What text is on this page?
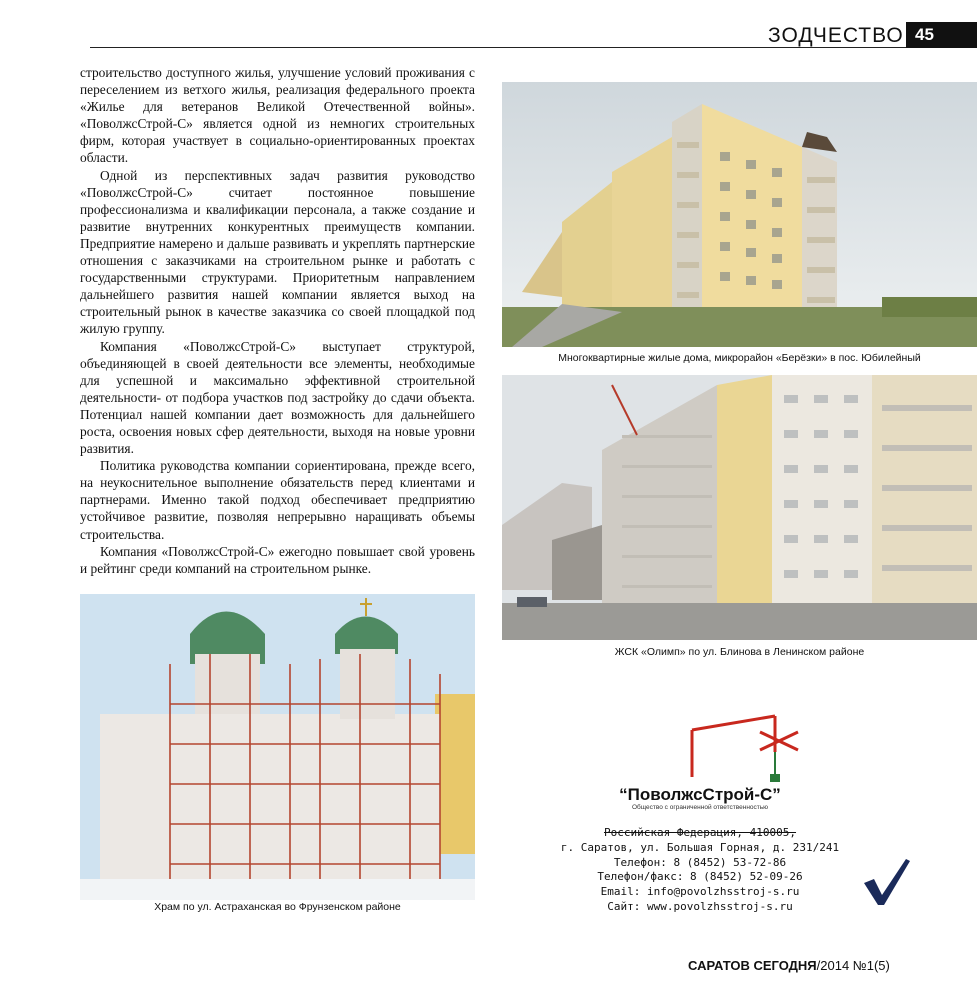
ЗОДЧЕСТВО 45

строительство доступного жилья, улучшение условий проживания с переселением из ветхого жилья, реализация федерального проекта «Жилье для ветеранов Великой Отечественной войны». «ПоволжсСтрой-С» является одной из немногих строительных фирм, которая участвует в социально-ориентированных проектах области.

Одной из перспективных задач развития руководство «ПоволжсСтрой-С» считает постоянное повышение профессионализма и квалификации персонала, а также создание и развитие внутренних конкурентных преимуществ компании. Предприятие намерено и дальше развивать и укреплять партнерские отношения с заказчиками на строительном рынке и работать с государственными структурами. Приоритетным направлением дальнейшего развития нашей компании является выход на строительный рынок в качестве заказчика со своей площадкой под жилую группу.

Компания «ПоволжсСтрой-С» выступает структурой, объединяющей в своей деятельности все элементы, необходимые для успешной и максимально эффективной строительной деятельности- от подбора участков под застройку до сдачи объекта. Потенциал нашей компании дает возможность для дальнейшего роста, освоения новых сфер деятельности, выходя на новые уровни развития.

Политика руководства компании сориентирована, прежде всего, на неукоснительное выполнение обязательств перед клиентами и партнерами. Именно такой подход обеспечивает предприятию устойчивое развитие, позволяя непрерывно наращивать объемы строительства.

Компания «ПоволжсСтрой-С» ежегодно повышает свой уровень и рейтинг среди компаний на строительном рынке.

Многоквартирные жилые дома, микрорайон «Берёзки» в пос. Юбилейный
ЖСК «Олимп» по ул. Блинова в Ленинском районе
Храм по ул. Астраханская во Фрунзенском районе
“ПоволжсСтрой-С”
Общество с ограниченной ответственностью
Российская Федерация, 410005,
г. Саратов, ул. Большая Горная, д. 231/241
Телефон: 8 (8452) 53-72-86
Телефон/факс: 8 (8452) 52-09-26
Email: info@povolzhsstroj-s.ru
Сайт: www.povolzhsstroj-s.ru
САРАТОВ СЕГОДНЯ/2014 №1(5)
